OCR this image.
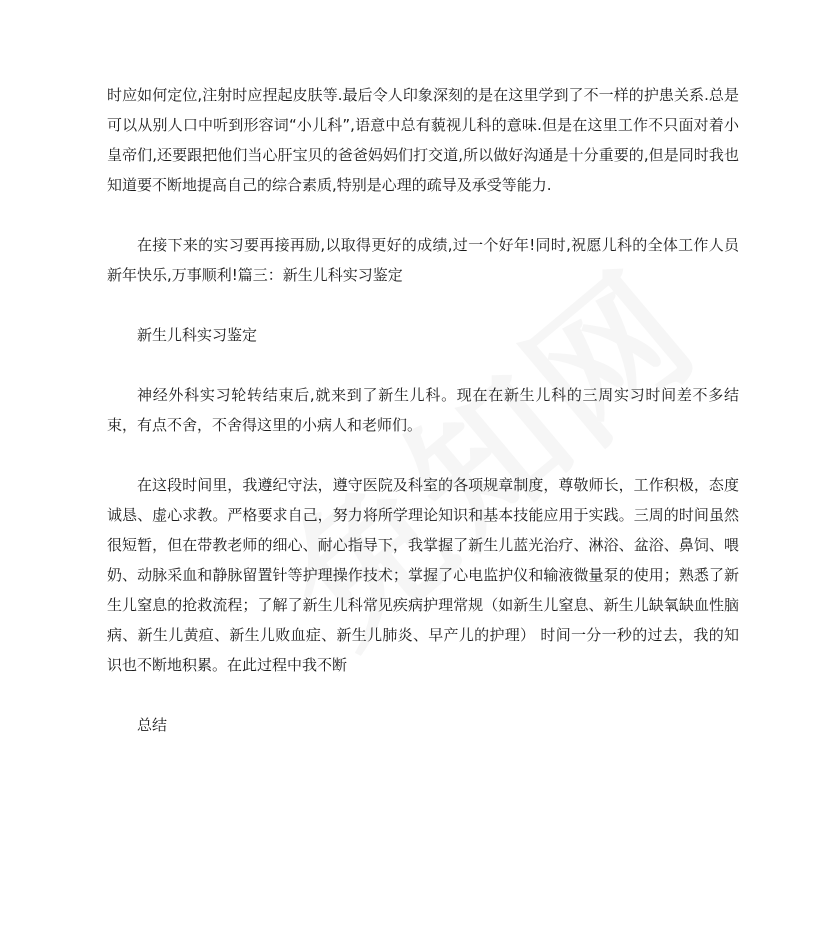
时应如何定位,注射时应捏起皮肤等.最后令人印象深刻的是在这里学到了不一样的护患关系.总是可以从别人口中听到形容词“小儿科”,语意中总有藐视儿科的意味.但是在这里工作不只面对着小皇帝们,还要跟把他们当心肝宝贝的爸爸妈妈们打交道,所以做好沟通是十分重要的,但是同时我也知道要不断地提高自己的综合素质,特别是心理的疏导及承受等能力.

在接下来的实习要再接再励,以取得更好的成绩,过一个好年!同时,祝愿儿科的全体工作人员新年快乐,万事顺利!篇三：新生儿科实习鉴定

新生儿科实习鉴定

神经外科实习轮转结束后,就来到了新生儿科。现在在新生儿科的三周实习时间差不多结束，有点不舍，不舍得这里的小病人和老师们。

在这段时间里，我遵纪守法，遵守医院及科室的各项规章制度，尊敬师长，工作积极，态度诚恳、虚心求教。严格要求自己，努力将所学理论知识和基本技能应用于实践。三周的时间虽然很短暂，但在带教老师的细心、耐心指导下，我掌握了新生儿蓝光治疗、淋浴、盆浴、鼻饲、喂奶、动脉采血和静脉留置针等护理操作技术；掌握了心电监护仪和输液微量泵的使用；熟悉了新生儿窒息的抢救流程；了解了新生儿科常见疾病护理常规（如新生儿窒息、新生儿缺氧缺血性脑病、新生儿黄疸、新生儿败血症、新生儿肺炎、早产儿的护理） 时间一分一秒的过去，我的知识也不断地积累。在此过程中我不断

总结
